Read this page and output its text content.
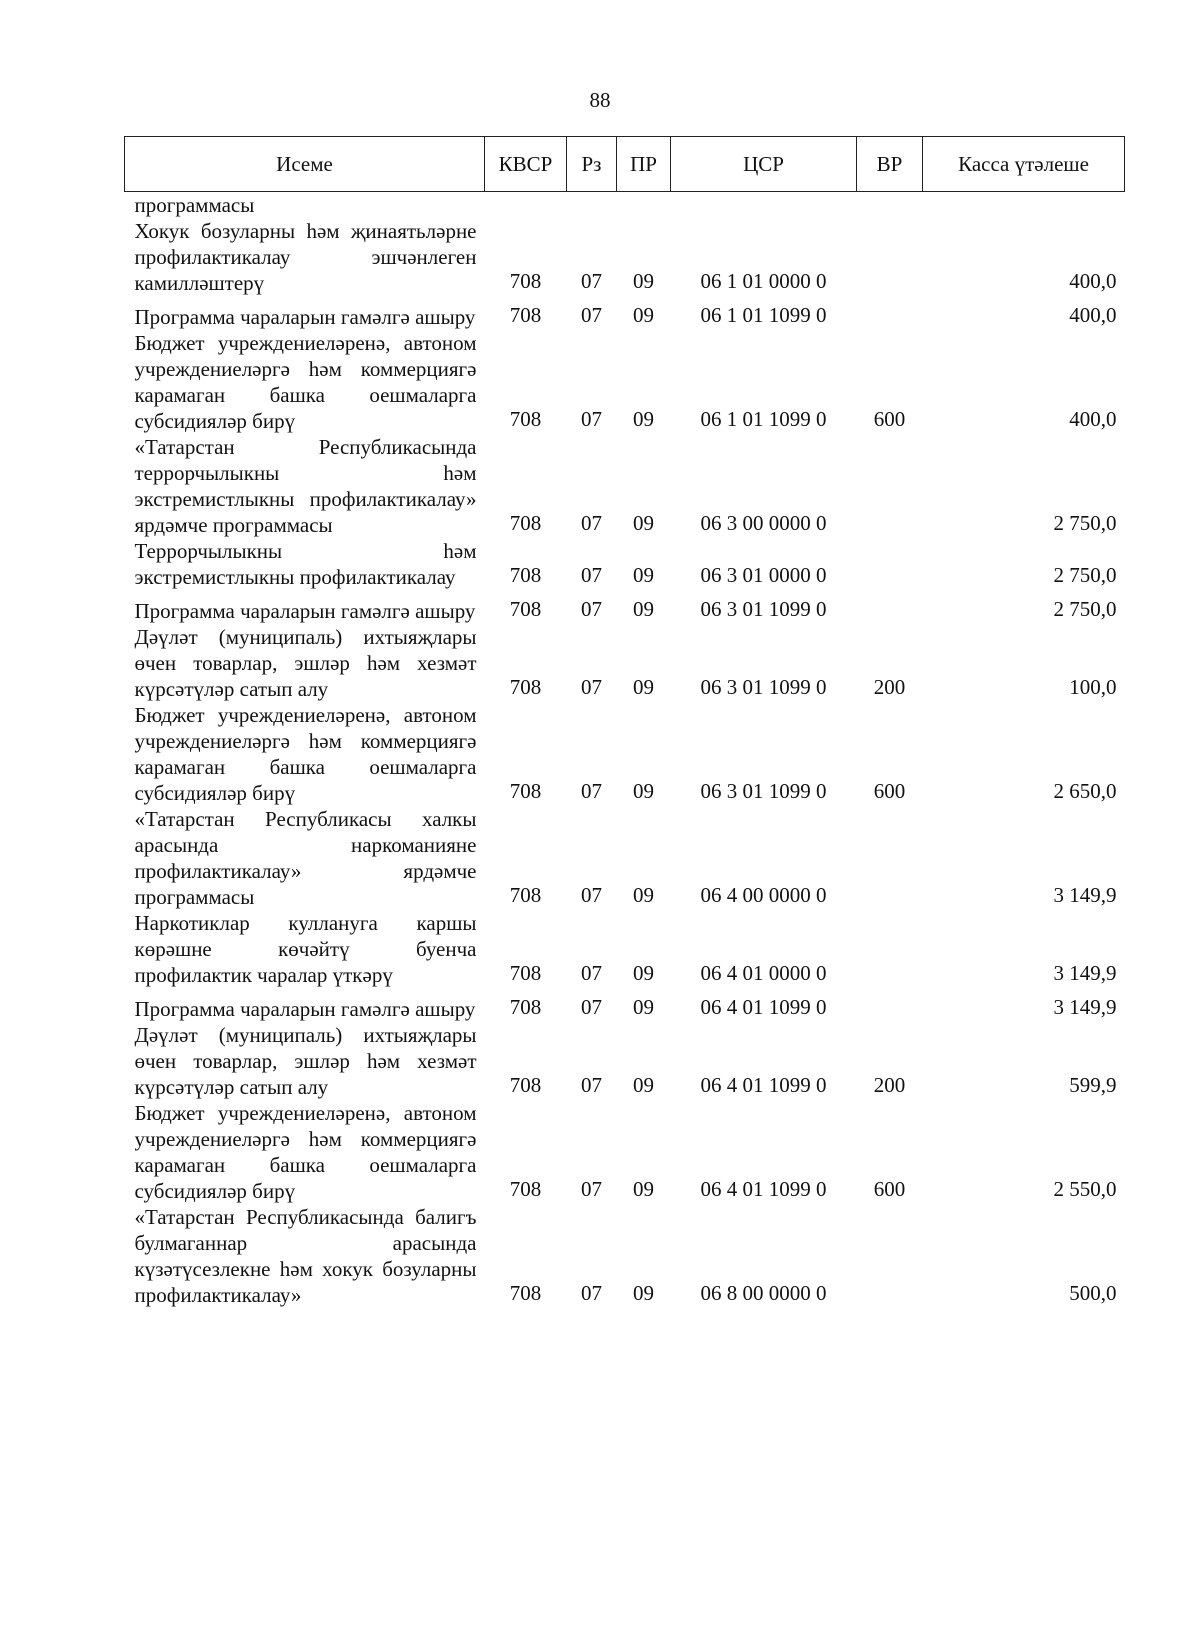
88
Исеме	КВСР	Рз	ПР	ЦСР	ВР	Касса үтәлеше
программасы						
Хокук бозуларны һәм җинаятьләрне профилактикалау эшчәнлеген камилләштерү	708	07	09	06 1 01 0000 0		400,0
Программа чараларын гамәлгә ашыру	708	07	09	06 1 01 1099 0		400,0
Бюджет учреждениеләренә, автоном учреждениеләргә һәм коммерциягә карамаган башка оешмаларга субсидияләр бирү	708	07	09	06 1 01 1099 0	600	400,0
«Татарстан Республикасында террорчылыкны һәм экстремистлыкны профилактикалау» ярдәмче программасы	708	07	09	06 3 00 0000 0		2 750,0
Террорчылыкны һәм экстремистлыкны профилактикалау	708	07	09	06 3 01 0000 0		2 750,0
Программа чараларын гамәлгә ашыру	708	07	09	06 3 01 1099 0		2 750,0
Дәүләт (муниципаль) ихтыяҗлары өчен товарлар, эшләр һәм хезмәт күрсәтүләр сатып алу	708	07	09	06 3 01 1099 0	200	100,0
Бюджет учреждениеләренә, автоном учреждениеләргә һәм коммерциягә карамаган башка оешмаларга субсидияләр бирү	708	07	09	06 3 01 1099 0	600	2 650,0
«Татарстан Республикасы халкы арасында наркоманияне профилактикалау» ярдәмче программасы	708	07	09	06 4 00 0000 0		3 149,9
Наркотиклар куллануга каршы көрәшне көчәйтү буенча профилактик чаралар үткәрү	708	07	09	06 4 01 0000 0		3 149,9
Программа чараларын гамәлгә ашыру	708	07	09	06 4 01 1099 0		3 149,9
Дәүләт (муниципаль) ихтыяҗлары өчен товарлар, эшләр һәм хезмәт күрсәтүләр сатып алу	708	07	09	06 4 01 1099 0	200	599,9
Бюджет учреждениеләренә, автоном учреждениеләргә һәм коммерциягә карамаган башка оешмаларга субсидияләр бирү	708	07	09	06 4 01 1099 0	600	2 550,0
«Татарстан Республикасында балигъ булмаганнар арасында күзәтүсезлекне һәм хокук бозуларны профилактикалау»	708	07	09	06 8 00 0000 0		500,0
